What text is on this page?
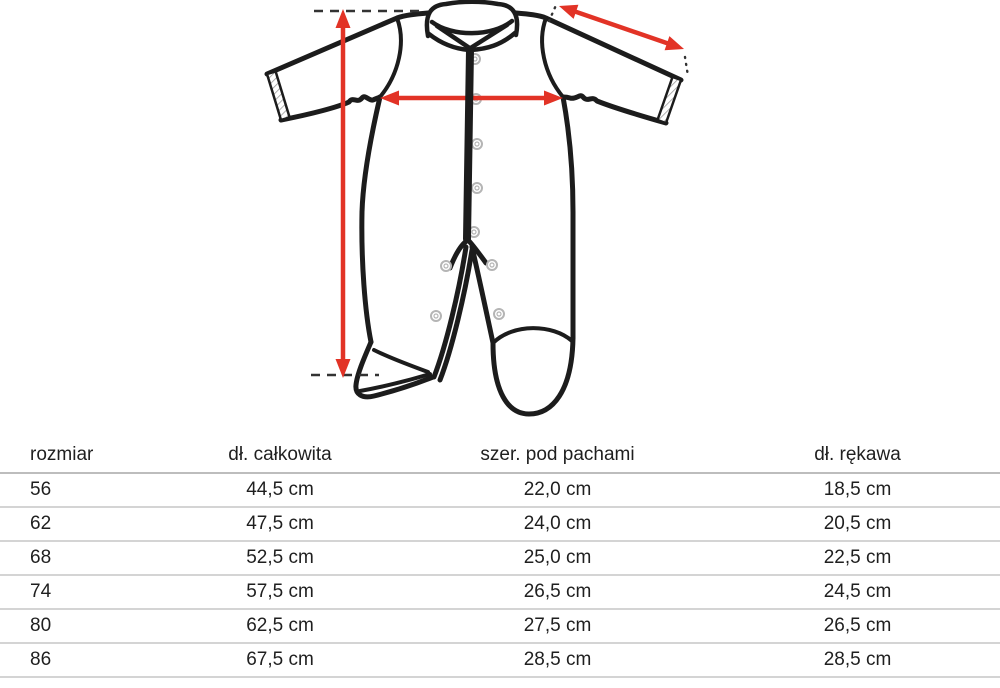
rozmiar	dł. całkowita	szer. pod pachami	dł. rękawa
56	44,5 cm	22,0 cm	18,5 cm
62	47,5 cm	24,0 cm	20,5 cm
68	52,5 cm	25,0 cm	22,5 cm
74	57,5 cm	26,5 cm	24,5 cm
80	62,5 cm	27,5 cm	26,5 cm
86	67,5 cm	28,5 cm	28,5 cm
